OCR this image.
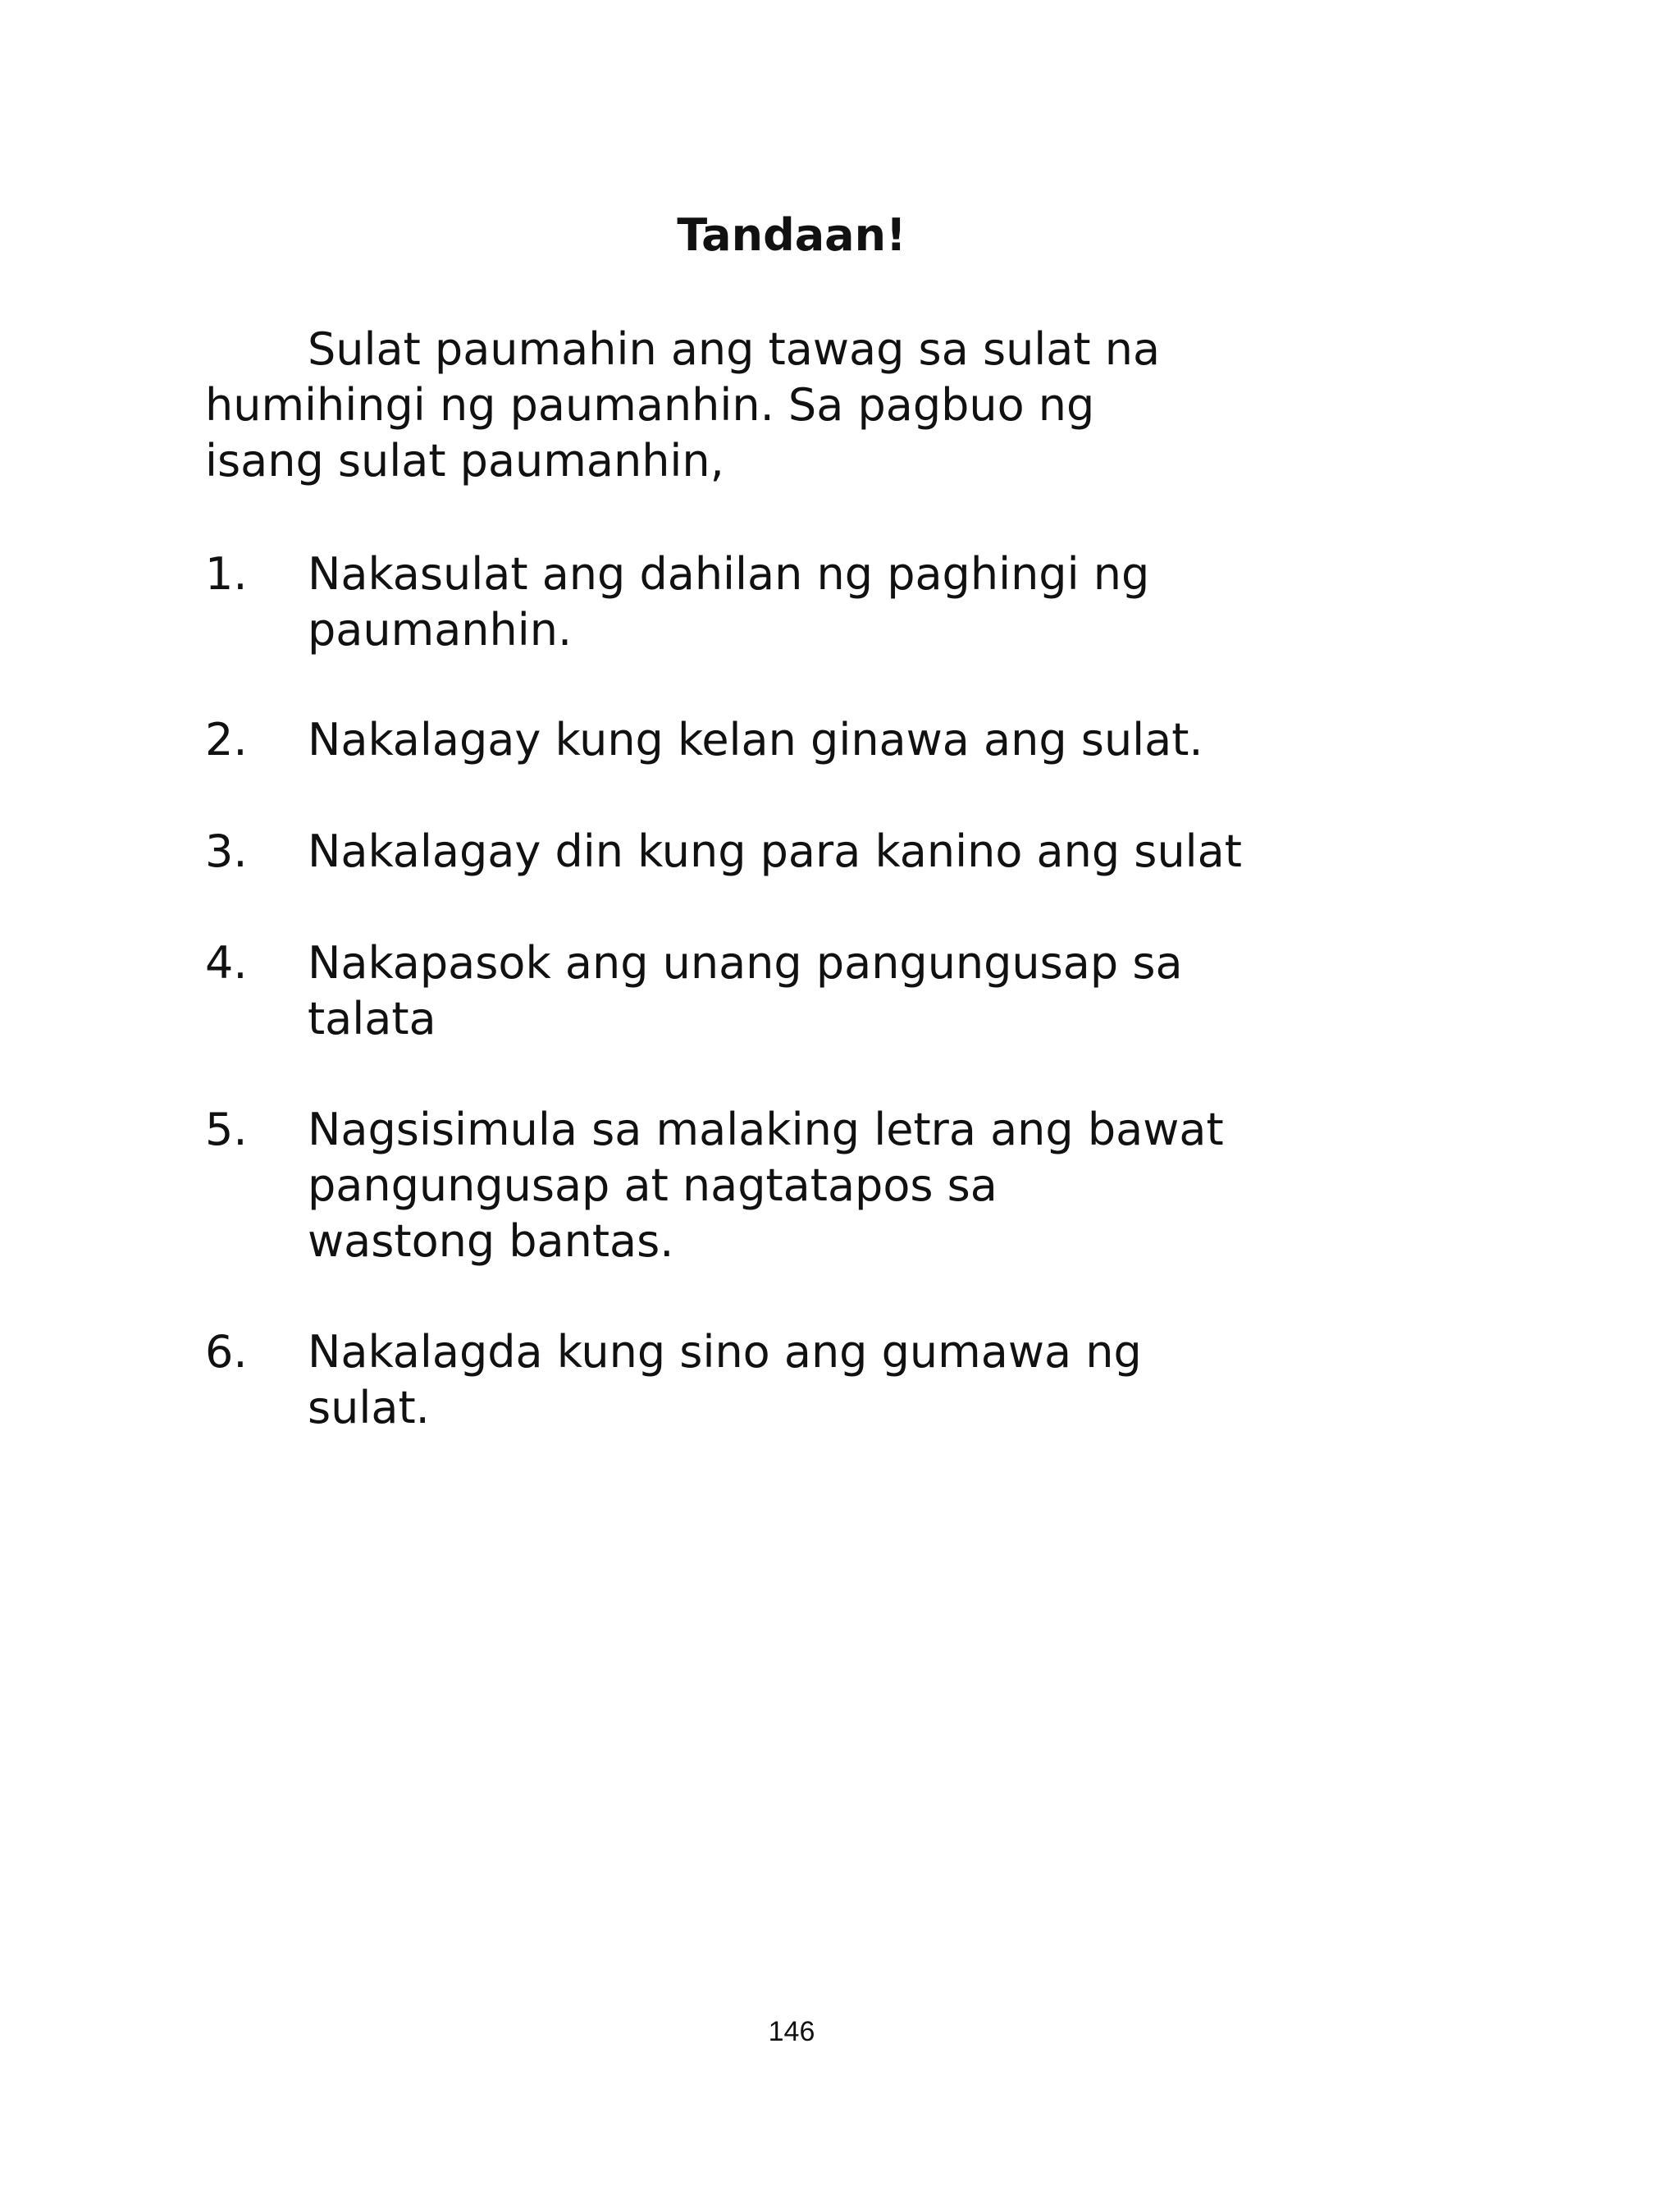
Tandaan!

Sulat paumahin ang tawag sa sulat na
humihingi ng paumanhin. Sa pagbuo ng
isang sulat paumanhin,

1.	Nakasulat ang dahilan ng paghingi ng
paumanhin.
2.	Nakalagay kung kelan ginawa ang sulat.
3.	Nakalagay din kung para kanino ang sulat
4.	Nakapasok ang unang pangungusap sa
talata
5.	Nagsisimula sa malaking letra ang bawat
pangungusap at nagtatapos sa
wastong bantas.
6.	Nakalagda kung sino ang gumawa ng
sulat.

146
